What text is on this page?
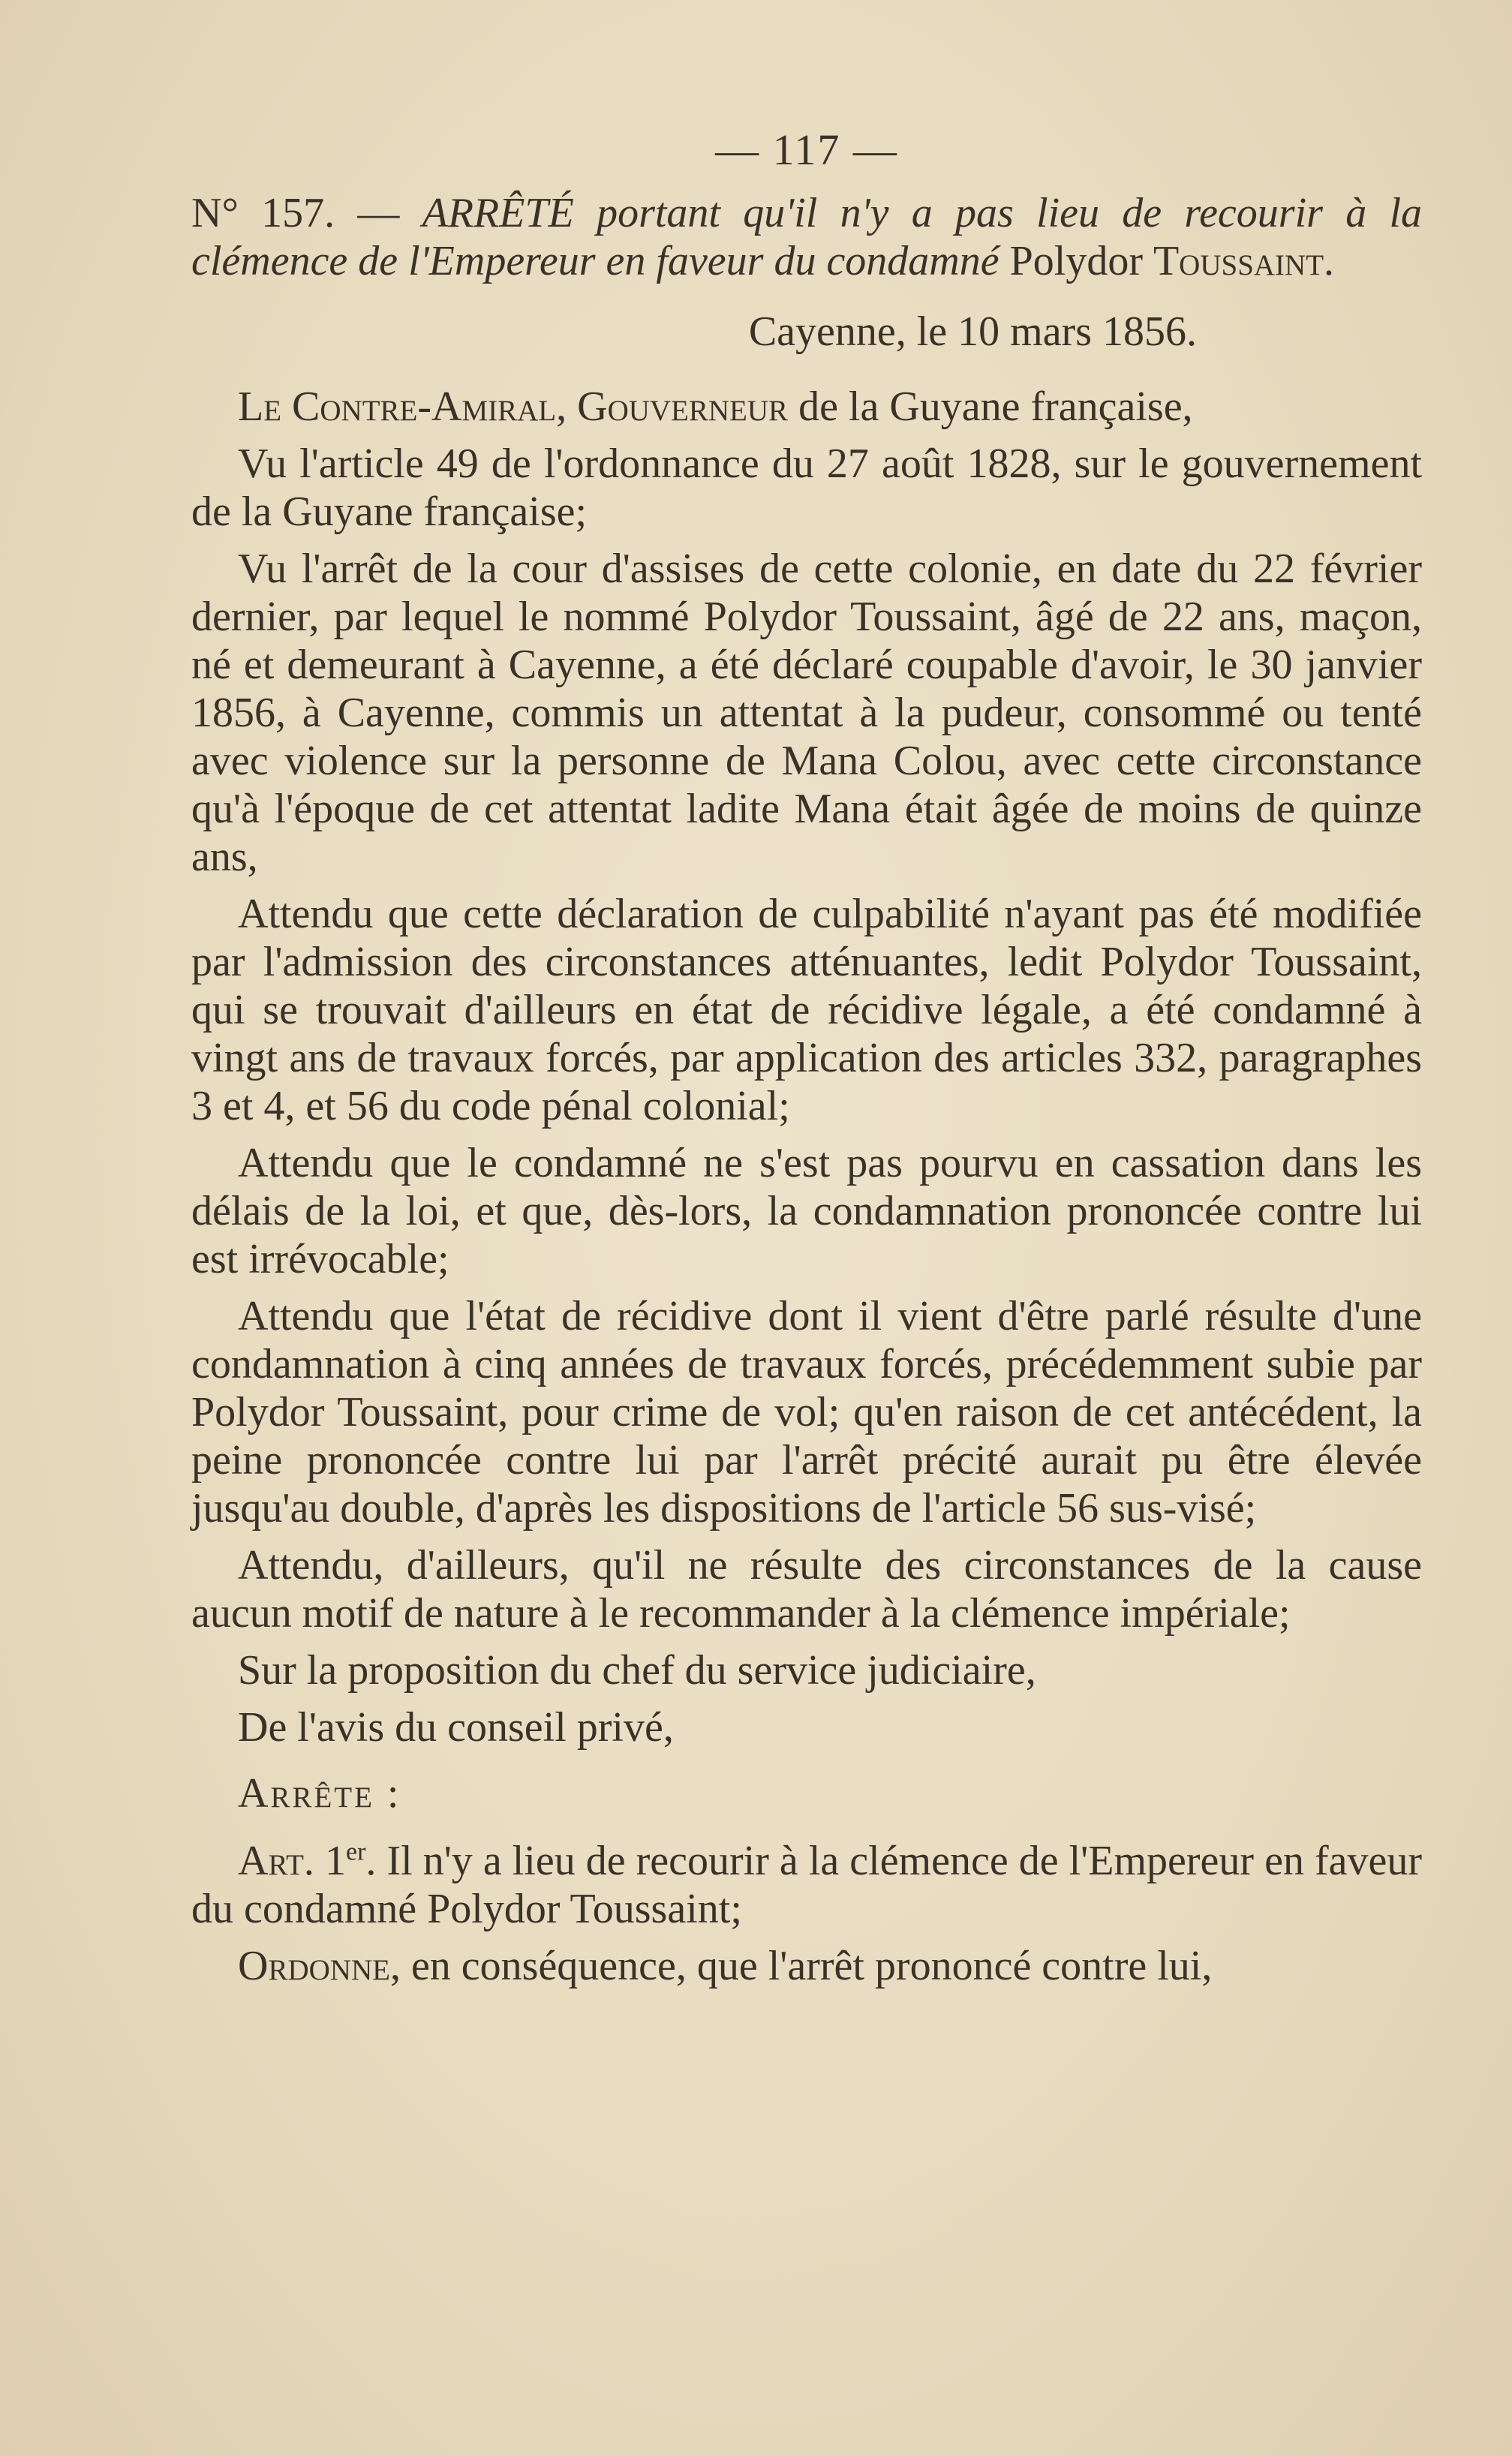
— 117 —

N° 157. — ARRÊTÉ portant qu'il n'y a pas lieu de recourir à la clémence de l'Empereur en faveur du condamné Polydor Toussaint.

Cayenne, le 10 mars 1856.

Le Contre-Amiral, Gouverneur de la Guyane française,

Vu l'article 49 de l'ordonnance du 27 août 1828, sur le gouvernement de la Guyane française;

Vu l'arrêt de la cour d'assises de cette colonie, en date du 22 février dernier, par lequel le nommé Polydor Toussaint, âgé de 22 ans, maçon, né et demeurant à Cayenne, a été déclaré coupable d'avoir, le 30 janvier 1856, à Cayenne, commis un attentat à la pudeur, consommé ou tenté avec violence sur la personne de Mana Colou, avec cette circonstance qu'à l'époque de cet attentat ladite Mana était âgée de moins de quinze ans,

Attendu que cette déclaration de culpabilité n'ayant pas été modifiée par l'admission des circonstances atténuantes, ledit Polydor Toussaint, qui se trouvait d'ailleurs en état de récidive légale, a été condamné à vingt ans de travaux forcés, par application des articles 332, paragraphes 3 et 4, et 56 du code pénal colonial;

Attendu que le condamné ne s'est pas pourvu en cassation dans les délais de la loi, et que, dès-lors, la condamnation prononcée contre lui est irrévocable;

Attendu que l'état de récidive dont il vient d'être parlé résulte d'une condamnation à cinq années de travaux forcés, précédemment subie par Polydor Toussaint, pour crime de vol; qu'en raison de cet antécédent, la peine prononcée contre lui par l'arrêt précité aurait pu être élevée jusqu'au double, d'après les dispositions de l'article 56 sus-visé;

Attendu, d'ailleurs, qu'il ne résulte des circonstances de la cause aucun motif de nature à le recommander à la clémence impériale;

Sur la proposition du chef du service judiciaire,

De l'avis du conseil privé,

Arrête :

Art. 1er. Il n'y a lieu de recourir à la clémence de l'Empereur en faveur du condamné Polydor Toussaint;

Ordonne, en conséquence, que l'arrêt prononcé contre lui,
